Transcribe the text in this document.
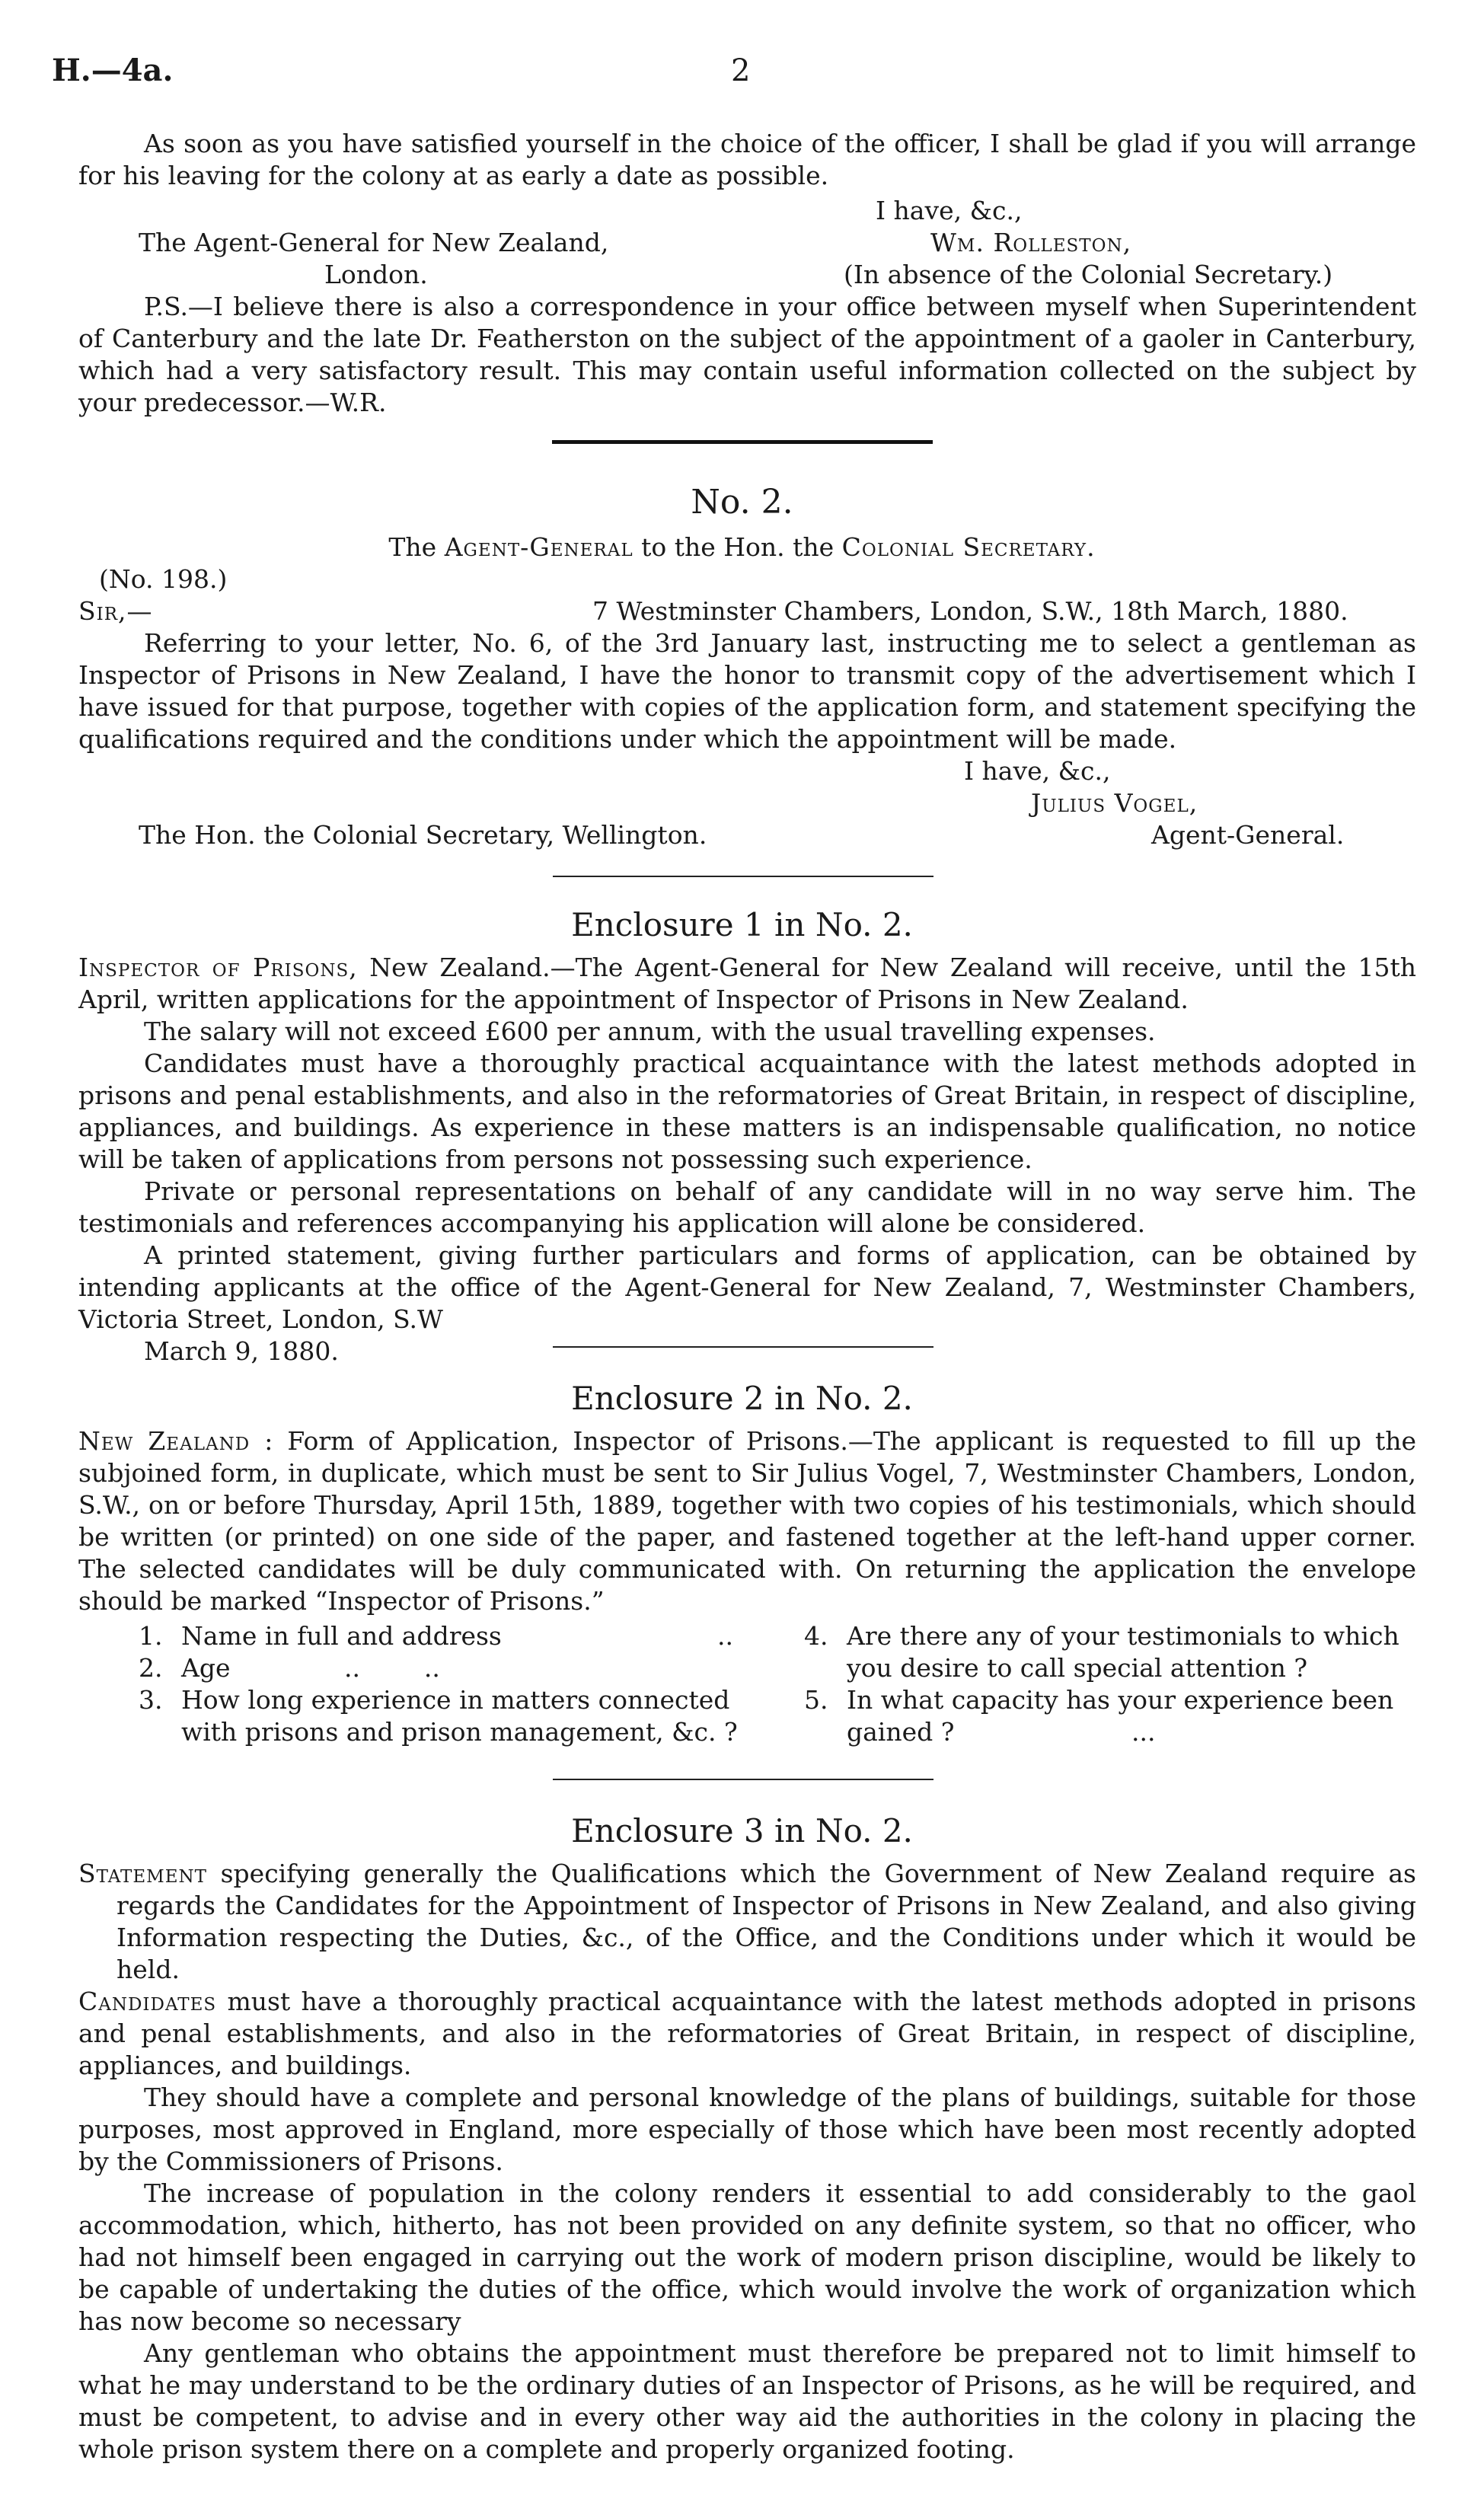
H.—4a.	2

As soon as you have satisfied yourself in the choice of the officer, I shall be glad if you will arrange for his leaving for the colony at as early a date as possible.

I have, &c.,
The Agent-General for New Zealand,	Wm. Rolleston,
London.	(In absence of the Colonial Secretary.)

P.S.—I believe there is also a correspondence in your office between myself when Superintendent of Canterbury and the late Dr. Featherston on the subject of the appointment of a gaoler in Canterbury, which had a very satisfactory result. This may contain useful information collected on the subject by your predecessor.—W.R.

No. 2.
The Agent-General to the Hon. the Colonial Secretary.
(No. 198.)
Sir,—	7 Westminster Chambers, London, S.W., 18th March, 1880.

Referring to your letter, No. 6, of the 3rd January last, instructing me to select a gentleman as Inspector of Prisons in New Zealand, I have the honor to transmit copy of the advertisement which I have issued for that purpose, together with copies of the application form, and statement specifying the qualifications required and the conditions under which the appointment will be made.

I have, &c.,
Julius Vogel,
The Hon. the Colonial Secretary, Wellington.	Agent-General.
Enclosure 1 in No. 2.

Inspector of Prisons, New Zealand.—The Agent-General for New Zealand will receive, until the 15th April, written applications for the appointment of Inspector of Prisons in New Zealand.

The salary will not exceed £600 per annum, with the usual travelling expenses.

Candidates must have a thoroughly practical acquaintance with the latest methods adopted in prisons and penal establishments, and also in the reformatories of Great Britain, in respect of discipline, appliances, and buildings. As experience in these matters is an indispensable qualification, no notice will be taken of applications from persons not possessing such experience.

Private or personal representations on behalf of any candidate will in no way serve him. The testimonials and references accompanying his application will alone be considered.

A printed statement, giving further particulars and forms of application, can be obtained by intending applicants at the office of the Agent-General for New Zealand, 7, Westminster Chambers, Victoria Street, London, S.W

March 9, 1880.

Enclosure 2 in No. 2.

New Zealand : Form of Application, Inspector of Prisons.—The applicant is requested to fill up the subjoined form, in duplicate, which must be sent to Sir Julius Vogel, 7, Westminster Chambers, London, S.W., on or before Thursday, April 15th, 1889, together with two copies of his testimonials, which should be written (or printed) on one side of the paper, and fastened together at the left-hand upper corner. The selected candidates will be duly communicated with. On returning the application the envelope should be marked “Inspector of Prisons.”

1. Name in full and address	..
2. Age	..        ..
3. How long experience in matters connected with prisons and prison management, &c. ?
4. Are there any of your testimonials to which you desire to call special attention ?
5. In what capacity has your experience been gained ?	...
Enclosure 3 in No. 2.

Statement specifying generally the Qualifications which the Government of New Zealand require as regards the Candidates for the Appointment of Inspector of Prisons in New Zealand, and also giving Information respecting the Duties, &c., of the Office, and the Conditions under which it would be held.

Candidates must have a thoroughly practical acquaintance with the latest methods adopted in prisons and penal establishments, and also in the reformatories of Great Britain, in respect of discipline, appliances, and buildings.

They should have a complete and personal knowledge of the plans of buildings, suitable for those purposes, most approved in England, more especially of those which have been most recently adopted by the Commissioners of Prisons.

The increase of population in the colony renders it essential to add considerably to the gaol accommodation, which, hitherto, has not been provided on any definite system, so that no officer, who had not himself been engaged in carrying out the work of modern prison discipline, would be likely to be capable of undertaking the duties of the office, which would involve the work of organization which has now become so necessary

Any gentleman who obtains the appointment must therefore be prepared not to limit himself to what he may understand to be the ordinary duties of an Inspector of Prisons, as he will be required, and must be competent, to advise and in every other way aid the authorities in the colony in placing the whole prison system there on a complete and properly organized footing.
